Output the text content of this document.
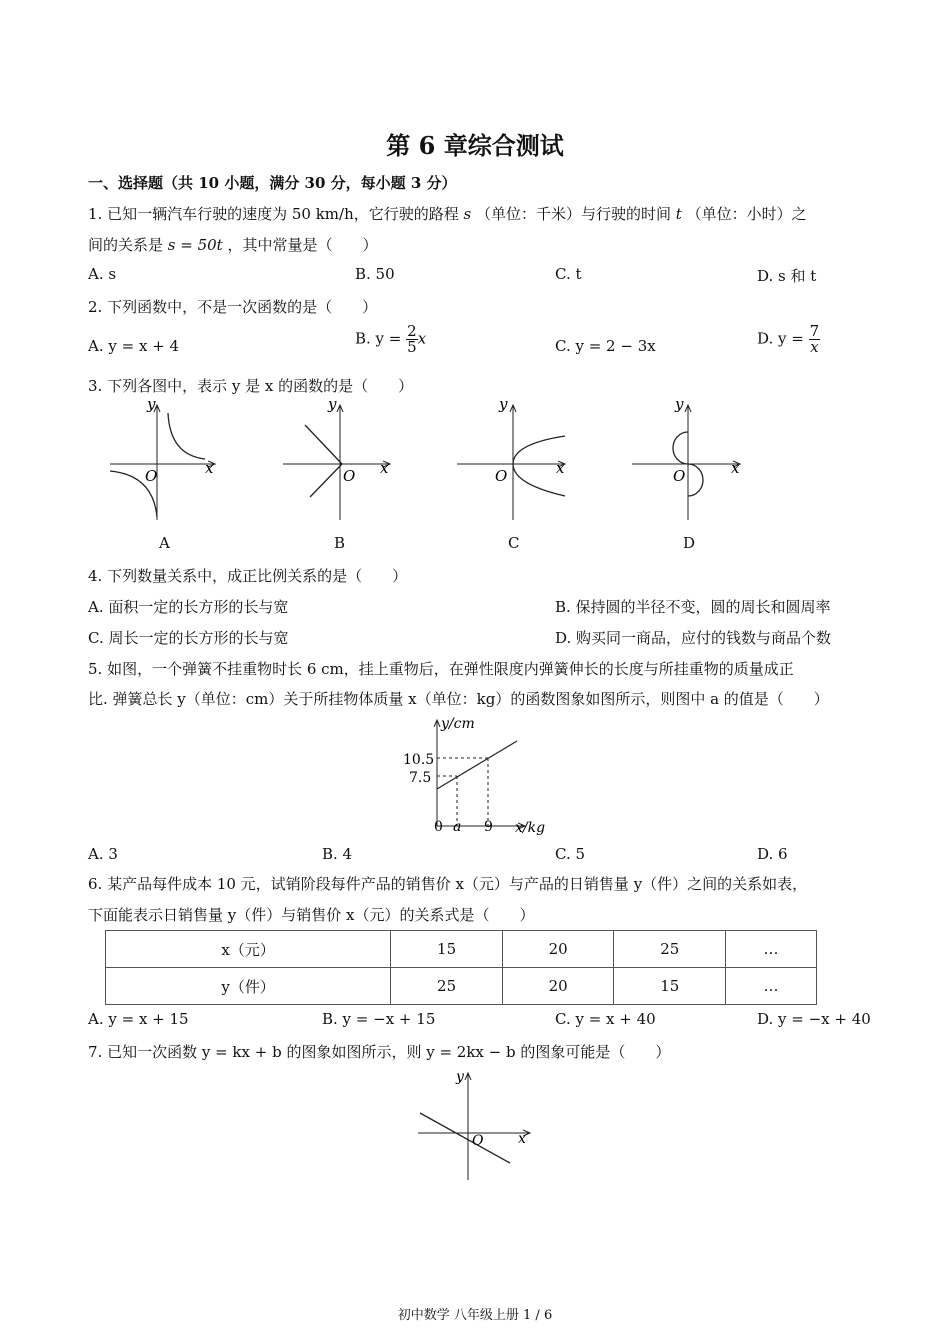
第 6 章综合测试
一、选择题（共 10 小题，满分 30 分，每小题 3 分）
1. 已知一辆汽车行驶的速度为 50 km/h，它行驶的路程 s （单位：千米）与行驶的时间 t （单位：小时）之
间的关系是 s = 50t ，其中常量是（　　）
A. s	B. 50	C. t	D. s 和 t
2. 下列函数中，不是一次函数的是（　　）
A. y = x + 4	B. $y = \frac{2}{5}$ x	C. y = 2 − 3x	D. $y = \frac{7}{x}$
3. 下列各图中，表示 y 是 x 的函数的是（　　）
y
x
O
y
x
O
y
x
O
y
x
O
A	B	C	D
4. 下列数量关系中，成正比例关系的是（　　）
A. 面积一定的长方形的长与宽	B. 保持圆的半径不变，圆的周长和圆周率
C. 周长一定的长方形的长与宽	D. 购买同一商品，应付的钱数与商品个数
5. 如图，一个弹簧不挂重物时长 6 cm，挂上重物后，在弹性限度内弹簧伸长的长度与所挂重物的质量成正
比. 弹簧总长 y（单位：cm）关于所挂物体质量 x（单位：kg）的函数图象如图所示，则图中 a 的值是（　　）
y/cm
x/kg
10.5
7.5
0 a 9
A. 3	B. 4	C. 5	D. 6
6. 某产品每件成本 10 元，试销阶段每件产品的销售价 x（元）与产品的日销售量 y（件）之间的关系如表，
下面能表示日销售量 y（件）与销售价 x（元）的关系式是（　　）
x（元）	15	20	25	…
y（件）	25	20	15	…
A. y = x + 15	B. y = −x + 15	C. y = x + 40	D. y = −x + 40
7. 已知一次函数 y = kx + b 的图象如图所示，则 y = 2kx − b 的图象可能是（　　）
y
x
O
初中数学 八年级上册 1 / 6
